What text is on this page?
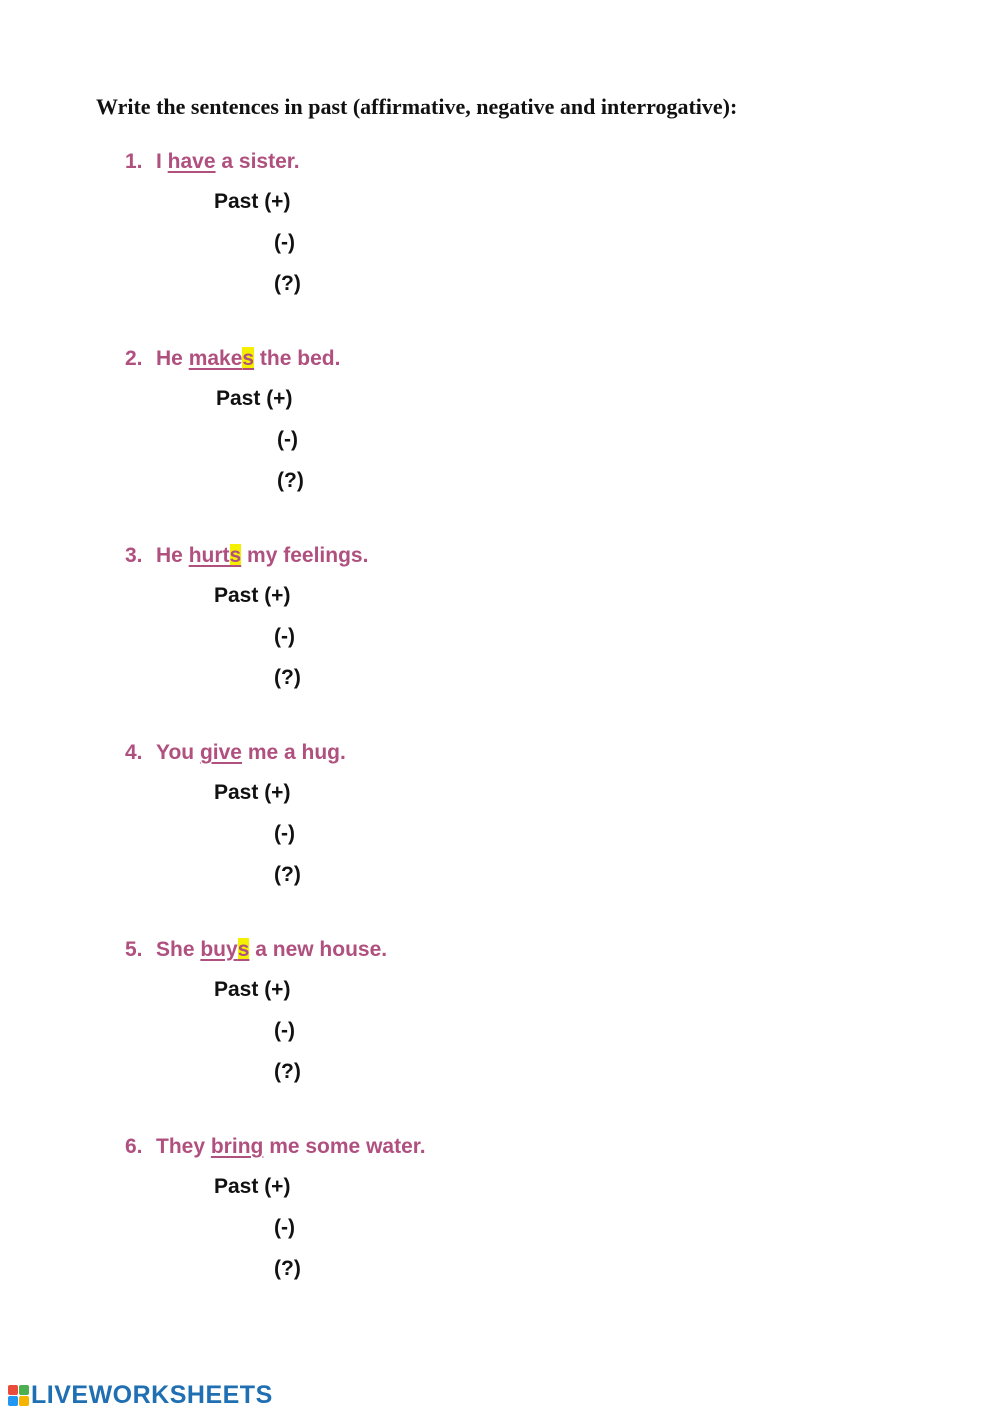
Write the sentences in past (affirmative, negative and interrogative):
1. I have a sister.
Past (+)
(-)
(?)
2. He makes the bed.
Past (+)
(-)
(?)
3. He hurts my feelings.
Past (+)
(-)
(?)
4. You give me a hug.
Past (+)
(-)
(?)
5. She buys a new house.
Past (+)
(-)
(?)
6. They bring me some water.
Past (+)
(-)
(?)
LIVEWORKSHEETS
